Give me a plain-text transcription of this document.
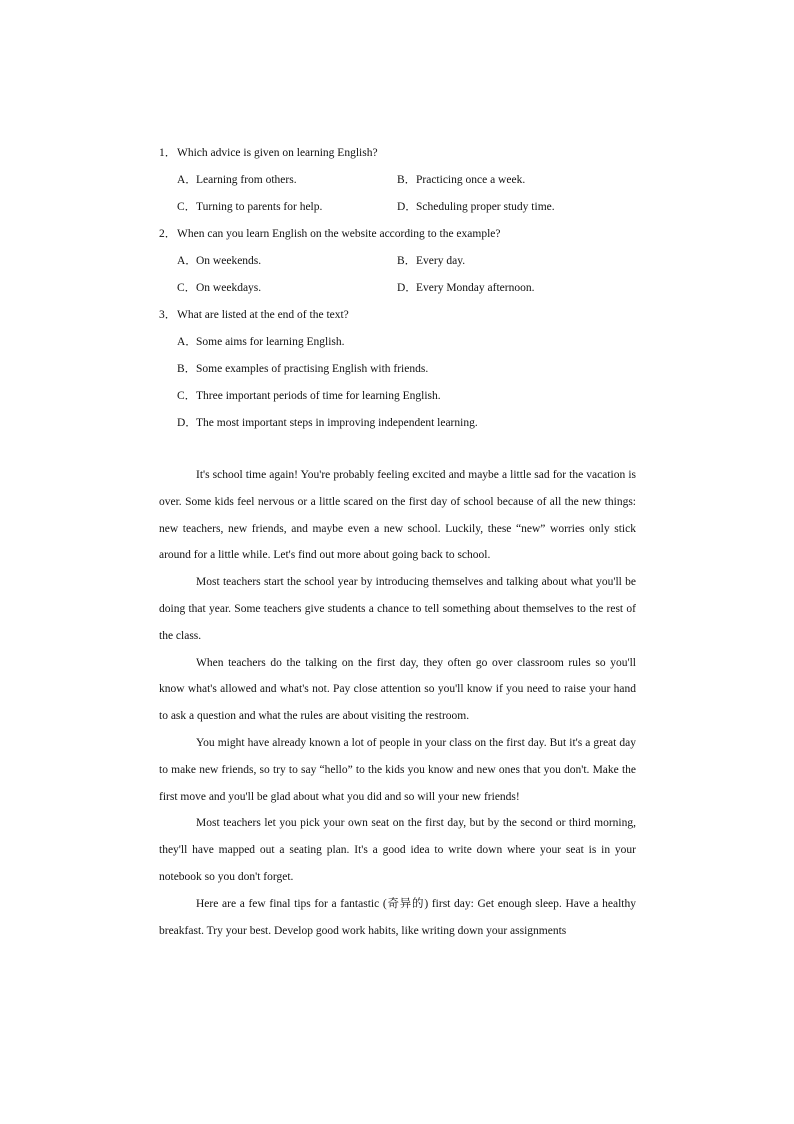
1．Which advice is given on learning English?
A．Learning from others.	B．Practicing once a week.
C．Turning to parents for help.	D．Scheduling proper study time.
2．When can you learn English on the website according to the example?
A．On weekends.	B．Every day.
C．On weekdays.	D．Every Monday afternoon.
3．What are listed at the end of the text?
A．Some aims for learning English.
B．Some examples of practising English with friends.
C．Three important periods of time for learning English.
D．The most important steps in improving independent learning.

It's school time again! You're probably feeling excited and maybe a little sad for the vacation is over. Some kids feel nervous or a little scared on the first day of school because of all the new things: new teachers, new friends, and maybe even a new school. Luckily, these “new” worries only stick around for a little while. Let's find out more about going back to school.

Most teachers start the school year by introducing themselves and talking about what you'll be doing that year. Some teachers give students a chance to tell something about themselves to the rest of the class.

When teachers do the talking on the first day, they often go over classroom rules so you'll know what's allowed and what's not. Pay close attention so you'll know if you need to raise your hand to ask a question and what the rules are about visiting the restroom.

You might have already known a lot of people in your class on the first day. But it's a great day to make new friends, so try to say “hello” to the kids you know and new ones that you don't. Make the first move and you'll be glad about what you did and so will your new friends!

Most teachers let you pick your own seat on the first day, but by the second or third morning, they'll have mapped out a seating plan. It's a good idea to write down where your seat is in your notebook so you don't forget.

Here are a few final tips for a fantastic (奇异的) first day: Get enough sleep. Have a healthy breakfast. Try your best. Develop good work habits, like writing down your assignments
